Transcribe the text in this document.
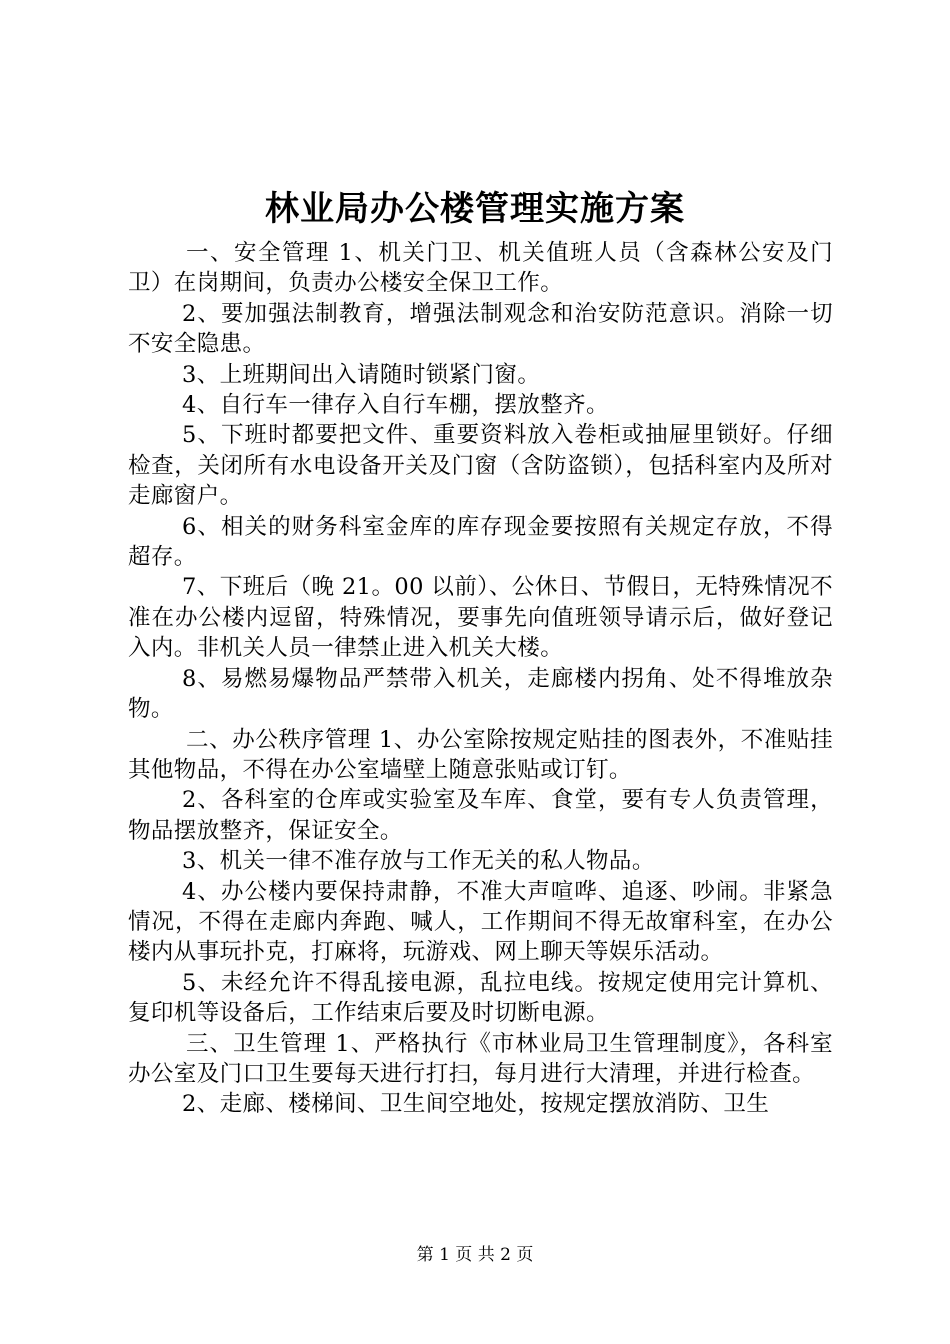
林业局办公楼管理实施方案

一、安全管理 1、机关门卫、机关值班人员（含森林公安及门卫）在岗期间，负责办公楼安全保卫工作。

2、要加强法制教育，增强法制观念和治安防范意识。消除一切不安全隐患。

3、上班期间出入请随时锁紧门窗。

4、自行车一律存入自行车棚，摆放整齐。

5、下班时都要把文件、重要资料放入卷柜或抽屉里锁好。仔细检查，关闭所有水电设备开关及门窗（含防盗锁），包括科室内及所对走廊窗户。

6、相关的财务科室金库的库存现金要按照有关规定存放，不得超存。

7、下班后（晚 21。00 以前）、公休日、节假日，无特殊情况不准在办公楼内逗留，特殊情况，要事先向值班领导请示后，做好登记入内。非机关人员一律禁止进入机关大楼。

8、易燃易爆物品严禁带入机关，走廊楼内拐角、处不得堆放杂物。

二、办公秩序管理 1、办公室除按规定贴挂的图表外，不准贴挂其他物品，不得在办公室墙壁上随意张贴或订钉。

2、各科室的仓库或实验室及车库、食堂，要有专人负责管理，物品摆放整齐，保证安全。

3、机关一律不准存放与工作无关的私人物品。

4、办公楼内要保持肃静，不准大声喧哗、追逐、吵闹。非紧急情况，不得在走廊内奔跑、喊人，工作期间不得无故窜科室，在办公楼内从事玩扑克，打麻将，玩游戏、网上聊天等娱乐活动。

5、未经允许不得乱接电源，乱拉电线。按规定使用完计算机、复印机等设备后，工作结束后要及时切断电源。

三、卫生管理 1、严格执行《市林业局卫生管理制度》，各科室办公室及门口卫生要每天进行打扫，每月进行大清理，并进行检查。

2、走廊、楼梯间、卫生间空地处，按规定摆放消防、卫生

第 1 页 共 2 页
